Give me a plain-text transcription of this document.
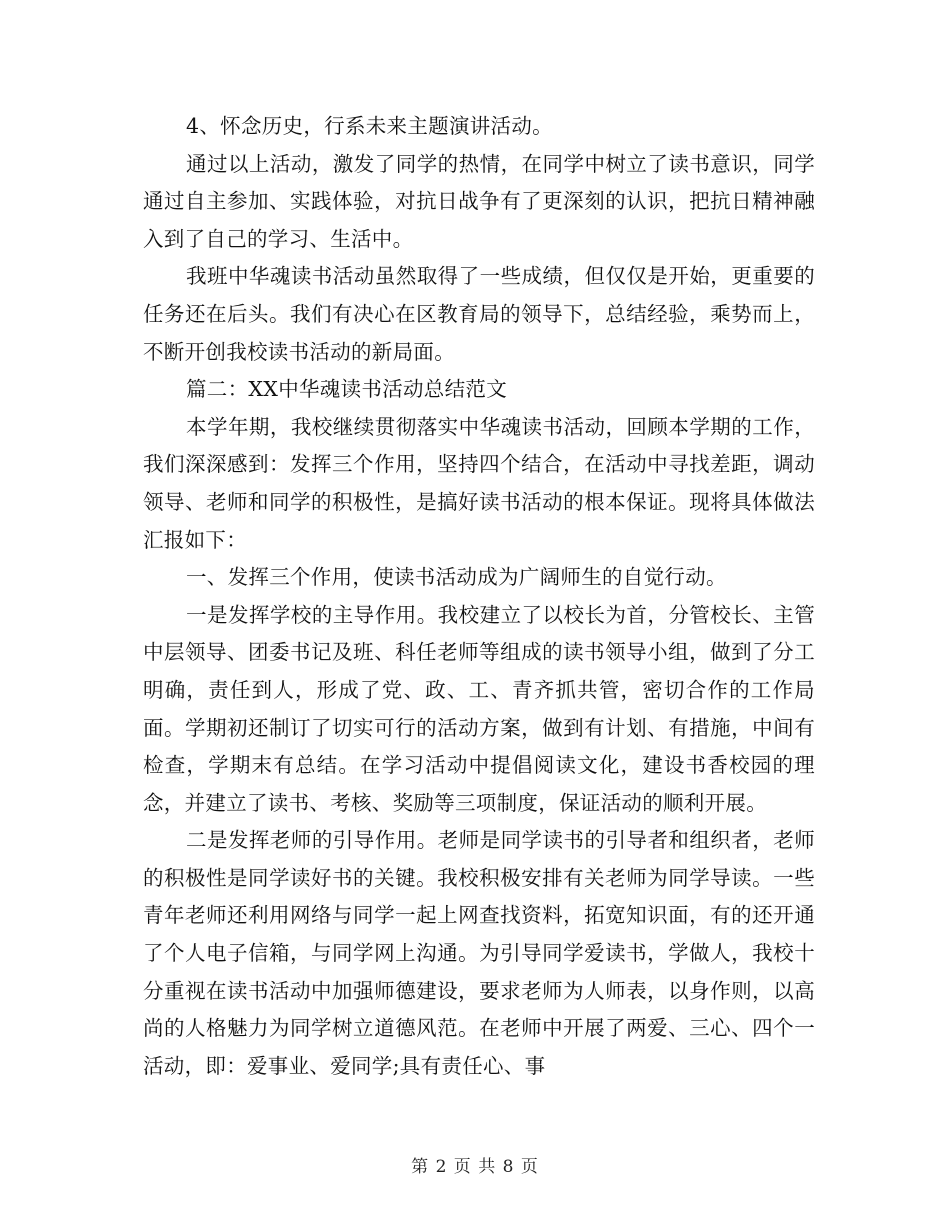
4、怀念历史，行系未来主题演讲活动。

通过以上活动，激发了同学的热情，在同学中树立了读书意识，同学通过自主参加、实践体验，对抗日战争有了更深刻的认识，把抗日精神融入到了自己的学习、生活中。

我班中华魂读书活动虽然取得了一些成绩，但仅仅是开始，更重要的任务还在后头。我们有决心在区教育局的领导下，总结经验，乘势而上，不断开创我校读书活动的新局面。

篇二：XX中华魂读书活动总结范文

本学年期，我校继续贯彻落实中华魂读书活动，回顾本学期的工作，我们深深感到：发挥三个作用，坚持四个结合，在活动中寻找差距，调动领导、老师和同学的积极性，是搞好读书活动的根本保证。现将具体做法汇报如下：

一、发挥三个作用，使读书活动成为广阔师生的自觉行动。

一是发挥学校的主导作用。我校建立了以校长为首，分管校长、主管中层领导、团委书记及班、科任老师等组成的读书领导小组，做到了分工明确，责任到人，形成了党、政、工、青齐抓共管，密切合作的工作局面。学期初还制订了切实可行的活动方案，做到有计划、有措施，中间有检查，学期末有总结。在学习活动中提倡阅读文化，建设书香校园的理念，并建立了读书、考核、奖励等三项制度，保证活动的顺利开展。

二是发挥老师的引导作用。老师是同学读书的引导者和组织者，老师的积极性是同学读好书的关键。我校积极安排有关老师为同学导读。一些青年老师还利用网络与同学一起上网查找资料，拓宽知识面，有的还开通了个人电子信箱，与同学网上沟通。为引导同学爱读书，学做人，我校十分重视在读书活动中加强师德建设，要求老师为人师表，以身作则，以高尚的人格魅力为同学树立道德风范。在老师中开展了两爱、三心、四个一活动，即：爱事业、爱同学;具有责任心、事

第 2 页 共 8 页
